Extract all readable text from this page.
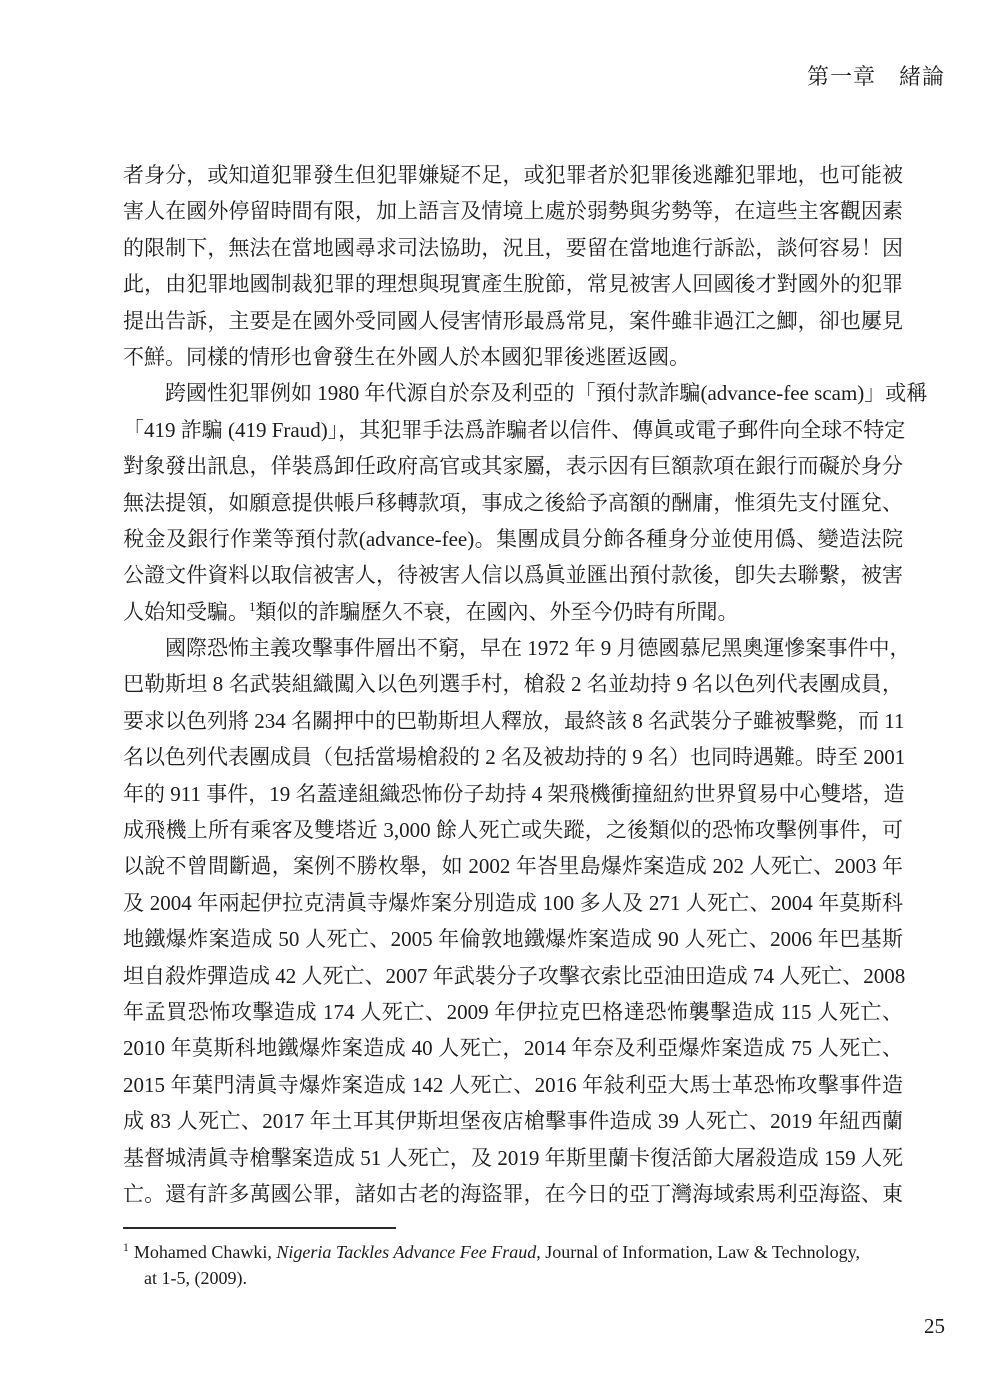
第一章　緒論
者身分，或知道犯罪發生但犯罪嫌疑不足，或犯罪者於犯罪後逃離犯罪地，也可能被
害人在國外停留時間有限，加上語言及情境上處於弱勢與劣勢等，在這些主客觀因素
的限制下，無法在當地國尋求司法協助，況且，要留在當地進行訴訟，談何容易！因
此，由犯罪地國制裁犯罪的理想與現實產生脫節，常見被害人回國後才對國外的犯罪
提出告訴，主要是在國外受同國人侵害情形最爲常見，案件雖非過江之鯽，卻也屢見
不鮮。同樣的情形也會發生在外國人於本國犯罪後逃匿返國。
跨國性犯罪例如 1980 年代源自於奈及利亞的「預付款詐騙(advance-fee scam)」或稱
「419 詐騙 (419 Fraud)」，其犯罪手法爲詐騙者以信件、傳眞或電子郵件向全球不特定
對象發出訊息，佯裝爲卸任政府高官或其家屬，表示因有巨額款項在銀行而礙於身分
無法提領，如願意提供帳戶移轉款項，事成之後給予高額的酬庸，惟須先支付匯兌、
稅金及銀行作業等預付款(advance-fee)。集團成員分飾各種身分並使用僞、變造法院
公證文件資料以取信被害人，待被害人信以爲眞並匯出預付款後，卽失去聯繫，被害
人始知受騙。$^1$類似的詐騙歷久不衰，在國內、外至今仍時有所聞。
國際恐怖主義攻擊事件層出不窮，早在 1972 年 9 月德國慕尼黑奧運慘案事件中，
巴勒斯坦 8 名武裝組織闖入以色列選手村，槍殺 2 名並劫持 9 名以色列代表團成員，
要求以色列將 234 名關押中的巴勒斯坦人釋放，最終該 8 名武裝分子雖被擊斃，而 11
名以色列代表團成員（包括當場槍殺的 2 名及被劫持的 9 名）也同時遇難。時至 2001
年的 911 事件，19 名蓋達組織恐怖份子劫持 4 架飛機衝撞紐約世界貿易中心雙塔，造
成飛機上所有乘客及雙塔近 3,000 餘人死亡或失蹤，之後類似的恐怖攻擊例事件，可
以說不曾間斷過，案例不勝枚舉，如 2002 年峇里島爆炸案造成 202 人死亡、2003 年
及 2004 年兩起伊拉克淸眞寺爆炸案分別造成 100 多人及 271 人死亡、2004 年莫斯科
地鐵爆炸案造成 50 人死亡、2005 年倫敦地鐵爆炸案造成 90 人死亡、2006 年巴基斯
坦自殺炸彈造成 42 人死亡、2007 年武裝分子攻擊衣索比亞油田造成 74 人死亡、2008
年孟買恐怖攻擊造成 174 人死亡、2009 年伊拉克巴格達恐怖襲擊造成 115 人死亡、
2010 年莫斯科地鐵爆炸案造成 40 人死亡，2014 年奈及利亞爆炸案造成 75 人死亡、
2015 年葉門淸眞寺爆炸案造成 142 人死亡、2016 年敍利亞大馬士革恐怖攻擊事件造
成 83 人死亡、2017 年土耳其伊斯坦堡夜店槍擊事件造成 39 人死亡、2019 年紐西蘭
基督城淸眞寺槍擊案造成 51 人死亡，及 2019 年斯里蘭卡復活節大屠殺造成 159 人死
亡。還有許多萬國公罪，諸如古老的海盜罪，在今日的亞丁灣海域索馬利亞海盜、東
$^1$ Mohamed Chawki, Nigeria Tackles Advance Fee Fraud, Journal of Information, Law & Technology,
at 1-5, (2009).
25
